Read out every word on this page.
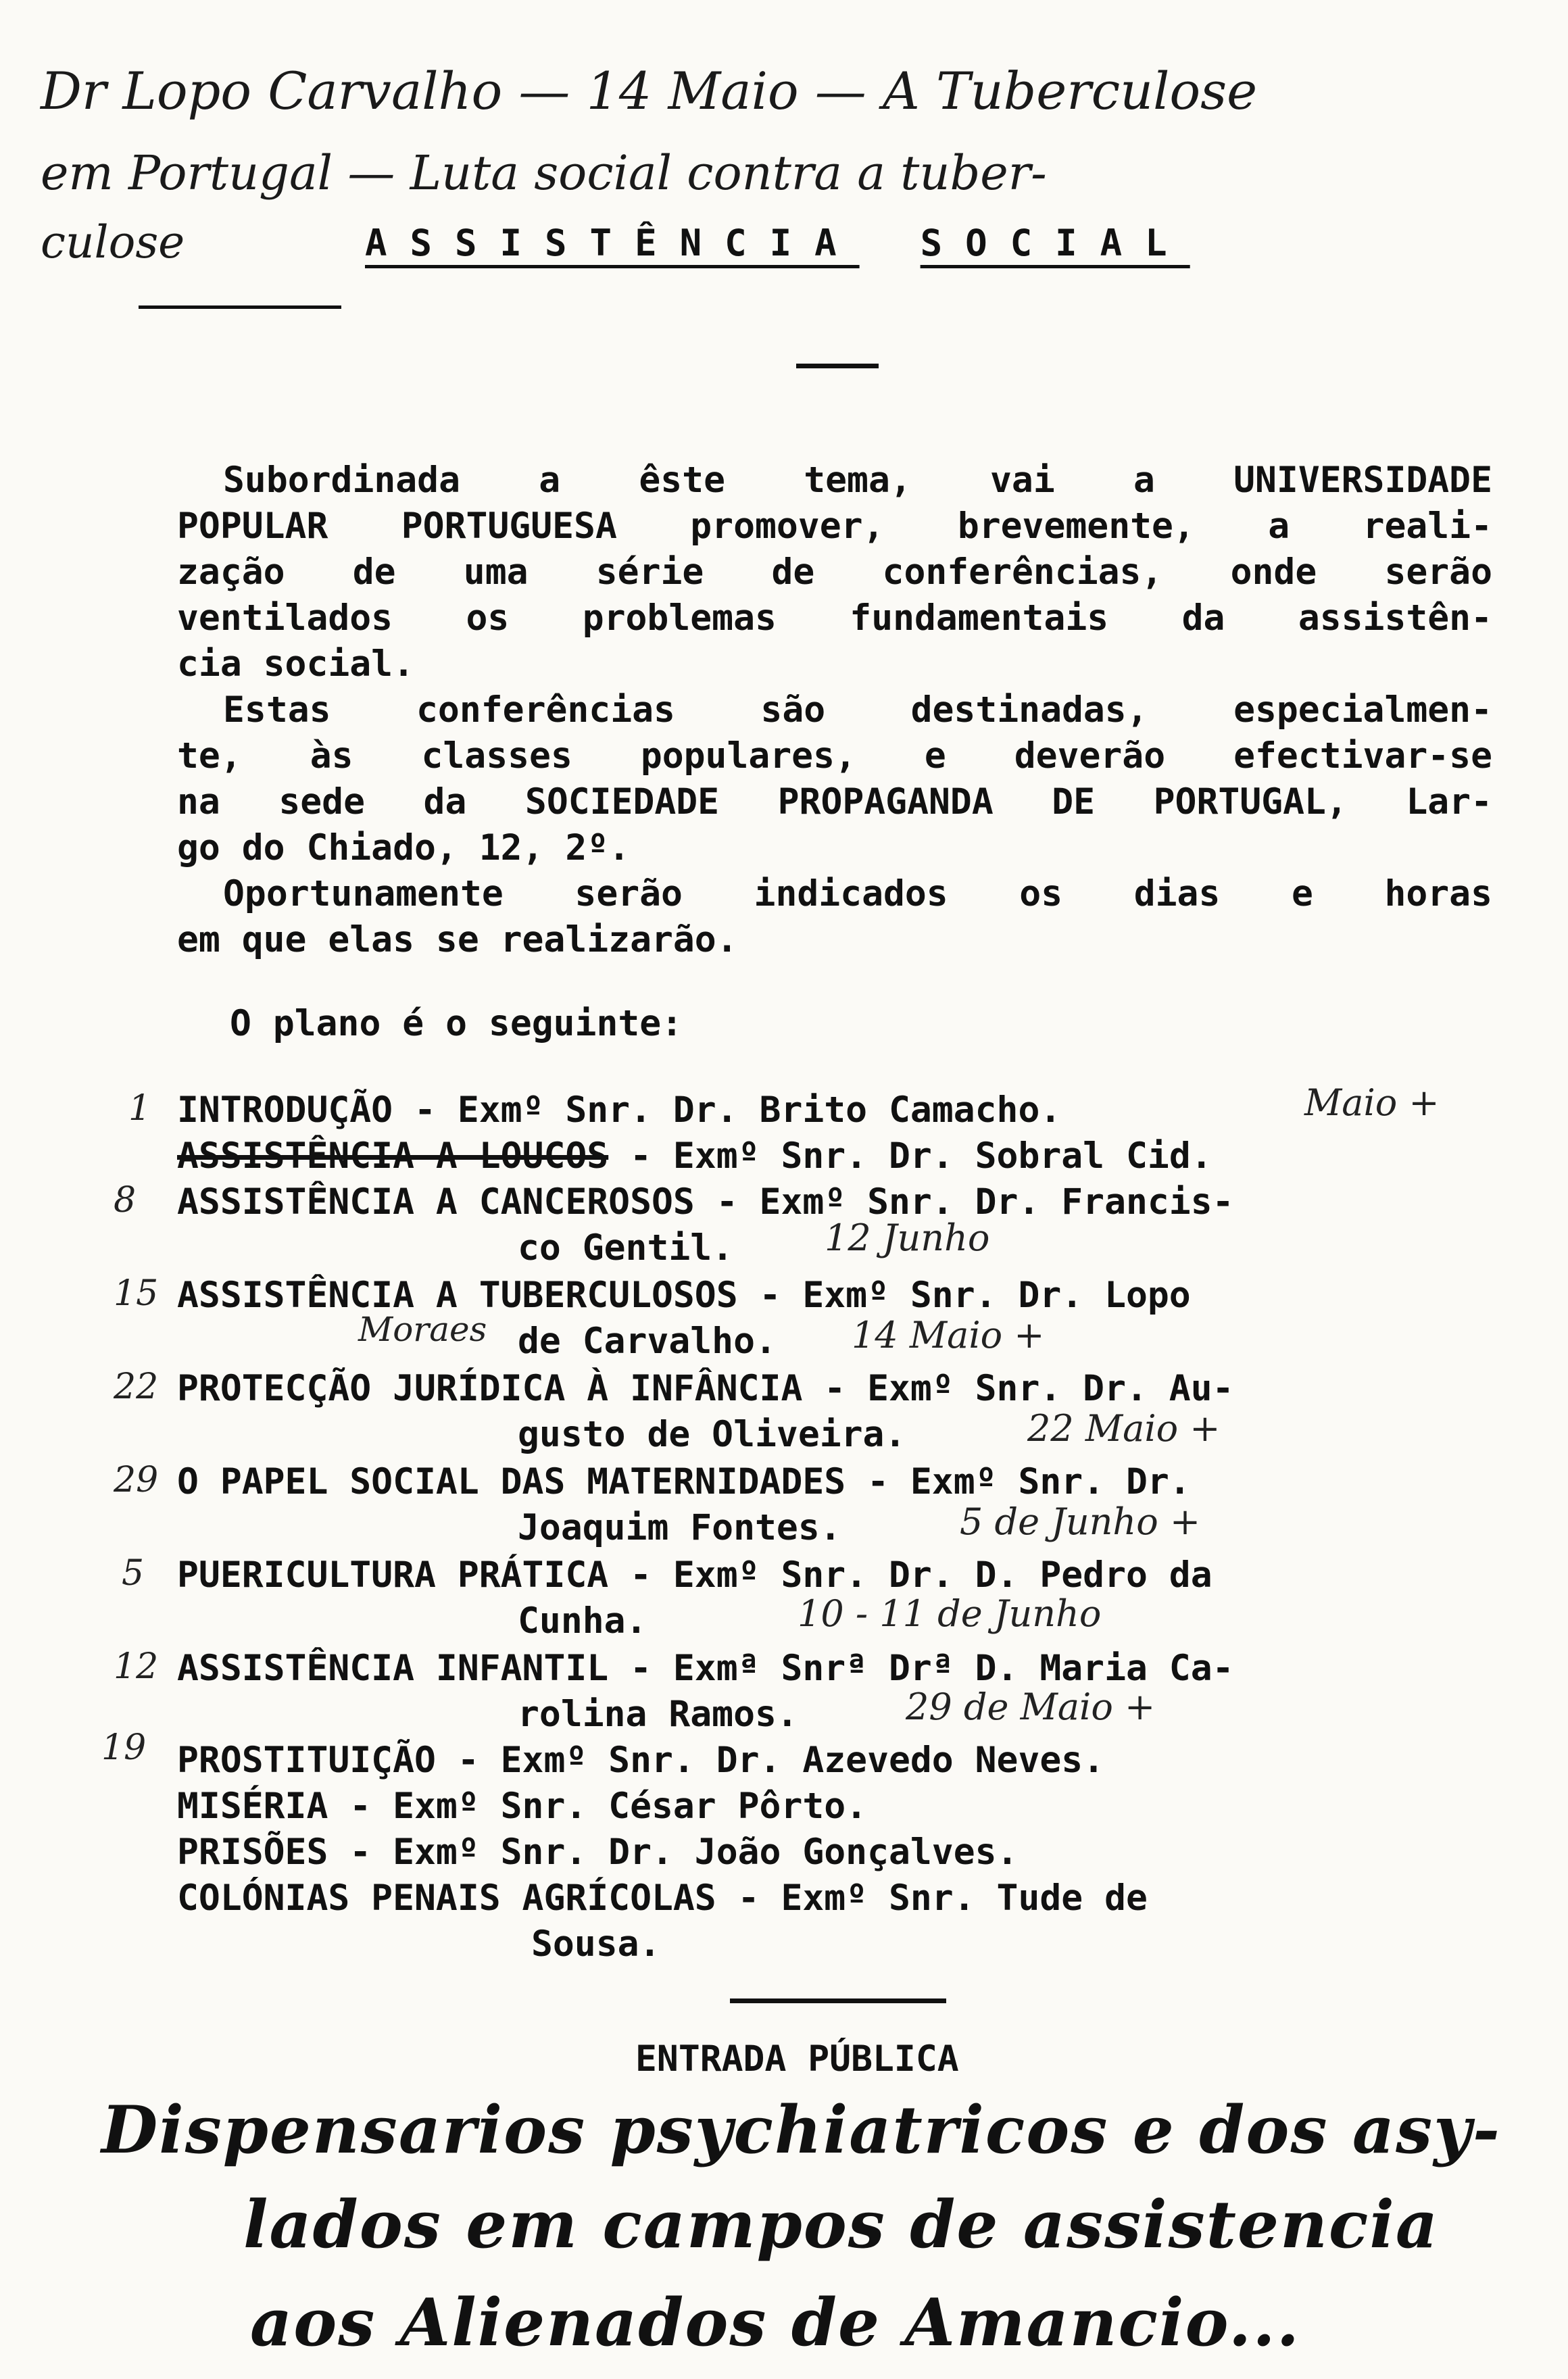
Dr Lopo Carvalho — 14 Maio — A Tuberculose
em Portugal — Luta social contra a tuber-
culose	ASSISTÊNCIA SOCIAL
Subordinada a êste tema, vai a UNIVERSIDADE
POPULAR PORTUGUESA promover, brevemente, a reali-
zação de uma série de conferências, onde serão
ventilados os problemas fundamentais da assistên-
cia social.
Estas conferências são destinadas, especialmen-
te, às classes populares, e deverão efectivar-se
na sede da SOCIEDADE PROPAGANDA DE PORTUGAL, Lar-
go do Chiado, 12, 2º.
Oportunamente serão indicados os dias e horas
em que elas se realizarão.
O plano é o seguinte:
1 INTRODUÇÃO - Exmº Snr. Dr. Brito Camacho.	Maio +
ASSISTÊNCIA A LOUCOS - Exmº Snr. Dr. Sobral Cid.
8 ASSISTÊNCIA A CANCEROSOS - Exmº Snr. Dr. Francis-
co Gentil. 12 Junho
15 ASSISTÊNCIA A TUBERCULOSOS - Exmº Snr. Dr. Lopo
Moraes de Carvalho. 14 Maio +
22 PROTECÇÃO JURÍDICA À INFÂNCIA - Exmº Snr. Dr. Au-
gusto de Oliveira.	22 Maio +
29 O PAPEL SOCIAL DAS MATERNIDADES - Exmº Snr. Dr.
Joaquim Fontes.	5 de Junho +
5 PUERICULTURA PRÁTICA - Exmº Snr. Dr. D. Pedro da
Cunha.	10 - 11 de Junho
12 ASSISTÊNCIA INFANTIL - Exmª Snrª Drª D. Maria Ca-
rolina Ramos.	29 de Maio +
19 PROSTITUIÇÃO - Exmº Snr. Dr. Azevedo Neves.
MISÉRIA - Exmº Snr. César Pôrto.
PRISÕES - Exmº Snr. Dr. João Gonçalves.
COLÓNIAS PENAIS AGRÍCOLAS - Exmº Snr. Tude de
Sousa.
ENTRADA PÚBLICA
Dispensarios psychiatricos e dos asy-
lados em campos de assistencia
aos Alienados de Amancio...
